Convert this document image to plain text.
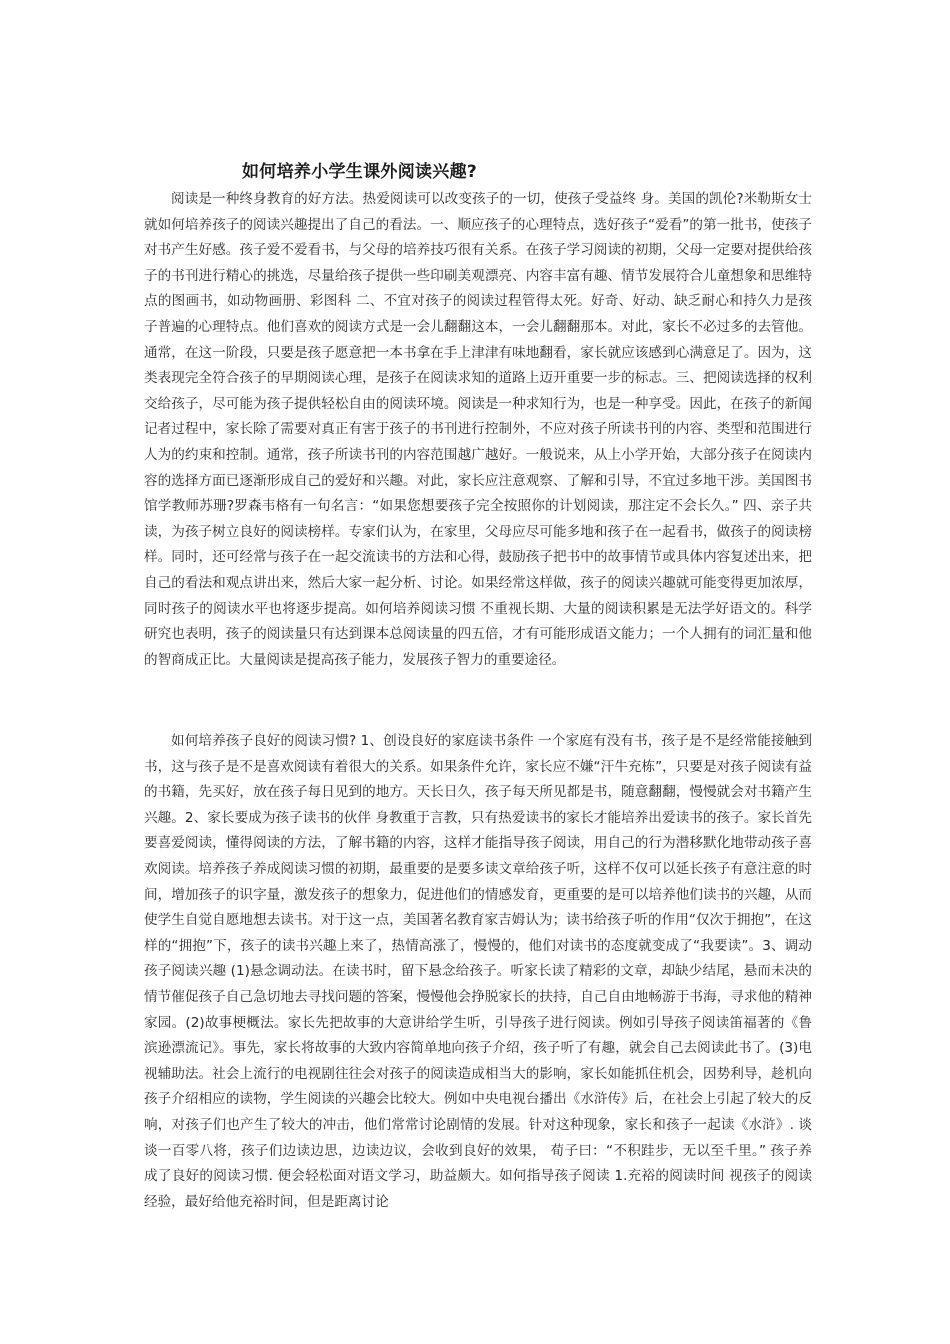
如何培养小学生课外阅读兴趣?

阅读是一种终身教育的好方法。热爱阅读可以改变孩子的一切，使孩子受益终 身。美国的凯伦?米勒斯女士就如何培养孩子的阅读兴趣提出了自己的看法。一、顺应孩子的心理特点，选好孩子“爱看”的第一批书，使孩子对书产生好感。孩子爱不爱看书，与父母的培养技巧很有关系。在孩子学习阅读的初期，父母一定要对提供给孩子的书刊进行精心的挑选，尽量给孩子提供一些印刷美观漂亮、内容丰富有趣、情节发展符合儿童想象和思维特点的图画书，如动物画册、彩图科 二、不宜对孩子的阅读过程管得太死。好奇、好动、缺乏耐心和持久力是孩子普遍的心理特点。他们喜欢的阅读方式是一会儿翻翻这本，一会儿翻翻那本。对此，家长不必过多的去管他。通常，在这一阶段，只要是孩子愿意把一本书拿在手上津津有味地翻看，家长就应该感到心满意足了。因为，这类表现完全符合孩子的早期阅读心理，是孩子在阅读求知的道路上迈开重要一步的标志。三、把阅读选择的权利交给孩子，尽可能为孩子提供轻松自由的阅读环境。阅读是一种求知行为，也是一种享受。因此，在孩子的新闻记者过程中，家长除了需要对真正有害于孩子的书刊进行控制外，不应对孩子所读书刊的内容、类型和范围进行人为的约束和控制。通常，孩子所读书刊的内容范围越广越好。一般说来，从上小学开始，大部分孩子在阅读内容的选择方面已逐渐形成自己的爱好和兴趣。对此，家长应注意观察、了解和引导，不宜过多地干涉。美国图书馆学教师苏珊?罗森韦格有一句名言：“如果您想要孩子完全按照你的计划阅读，那注定不会长久。” 四、亲子共读，为孩子树立良好的阅读榜样。专家们认为，在家里，父母应尽可能多地和孩子在一起看书，做孩子的阅读榜样。同时，还可经常与孩子在一起交流读书的方法和心得，鼓励孩子把书中的故事情节或具体内容复述出来，把自己的看法和观点讲出来，然后大家一起分析、讨论。如果经常这样做，孩子的阅读兴趣就可能变得更加浓厚，同时孩子的阅读水平也将逐步提高。如何培养阅读习惯 不重视长期、大量的阅读积累是无法学好语文的。科学研究也表明，孩子的阅读量只有达到课本总阅读量的四五倍，才有可能形成语文能力；一个人拥有的词汇量和他的智商成正比。大量阅读是提高孩子能力，发展孩子智力的重要途径。

如何培养孩子良好的阅读习惯? 1、创设良好的家庭读书条件 一个家庭有没有书，孩子是不是经常能接触到书，这与孩子是不是喜欢阅读有着很大的关系。如果条件允许，家长应不嫌“汗牛充栋”，只要是对孩子阅读有益的书籍，先买好，放在孩子每日见到的地方。天长日久，孩子每天所见都是书，随意翻翻，慢慢就会对书籍产生兴趣。2、家长要成为孩子读书的伙伴 身教重于言教，只有热爱读书的家长才能培养出爱读书的孩子。家长首先要喜爱阅读，懂得阅读的方法，了解书籍的内容，这样才能指导孩子阅读，用自己的行为潜移默化地带动孩子喜欢阅读。培养孩子养成阅读习惯的初期，最重要的是要多读文章给孩子听，这样不仅可以延长孩子有意注意的时间，增加孩子的识字量，激发孩子的想象力，促进他们的情感发育，更重要的是可以培养他们读书的兴趣，从而使学生自觉自愿地想去读书。对于这一点，美国著名教育家吉姆认为；读书给孩子听的作用“仅次于拥抱”，在这样的“拥抱”下，孩子的读书兴趣上来了，热情高涨了，慢慢的，他们对读书的态度就变成了“我要读”。3、调动孩子阅读兴趣 (1)悬念调动法。在读书时，留下悬念给孩子。听家长读了精彩的文章，却缺少结尾，悬而未决的情节催促孩子自己急切地去寻找问题的答案，慢慢他会挣脱家长的扶持，自己自由地畅游于书海，寻求他的精神家园。(2)故事梗概法。家长先把故事的大意讲给学生听，引导孩子进行阅读。例如引导孩子阅读笛福著的《鲁滨逊漂流记》。事先，家长将故事的大致内容简单地向孩子介绍，孩子听了有趣，就会自己去阅读此书了。(3)电视辅助法。社会上流行的电视剧往往会对孩子的阅读造成相当大的影响，家长如能抓住机会，因势利导，趁机向孩子介绍相应的读物，学生阅读的兴趣会比较大。例如中央电视台播出《水浒传》后，在社会上引起了较大的反响，对孩子们也产生了较大的冲击，他们常常讨论剧情的发展。针对这种现象，家长和孩子一起读《水浒》. 谈谈一百零八将，孩子们边读边思，边读边议，会收到良好的效果， 荀子曰：“不积跬步，无以至千里。” 孩子养成了良好的阅读习惯. 便会轻松面对语文学习，助益颇大。如何指导孩子阅读 1.充裕的阅读时间 视孩子的阅读经验，最好给他充裕时间，但是距离讨论
